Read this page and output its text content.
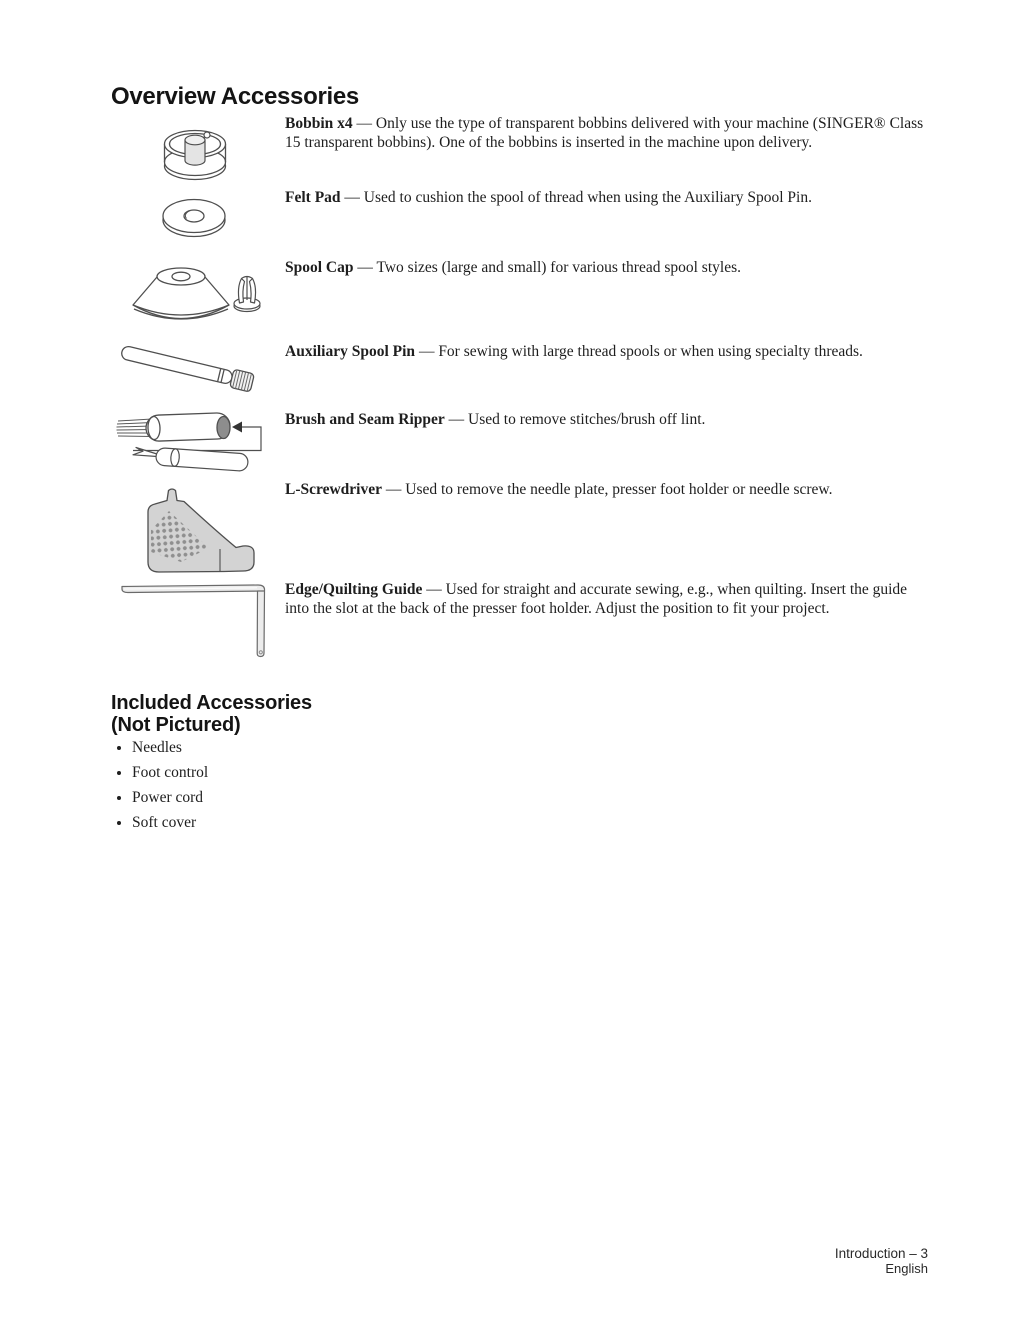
Overview Accessories

Bobbin x4 — Only use the type of transparent bobbins delivered with your machine (SINGER® Class 15 transparent bobbins). One of the bobbins is inserted in the machine upon delivery.

Felt Pad — Used to cushion the spool of thread when using the Auxiliary Spool Pin.

Spool Cap — Two sizes (large and small) for various thread spool styles.

Auxiliary Spool Pin — For sewing with large thread spools or when using specialty threads.

Brush and Seam Ripper — Used to remove stitches/brush off lint.

L-Screwdriver — Used to remove the needle plate, presser foot holder or needle screw.

Edge/Quilting Guide — Used for straight and accurate sewing, e.g., when quilting. Insert the guide into the slot at the back of the presser foot holder. Adjust the position to fit your project.

Included Accessories
(Not Pictured)
• Needles
• Foot control
• Power cord
• Soft cover
Introduction – 3
English
